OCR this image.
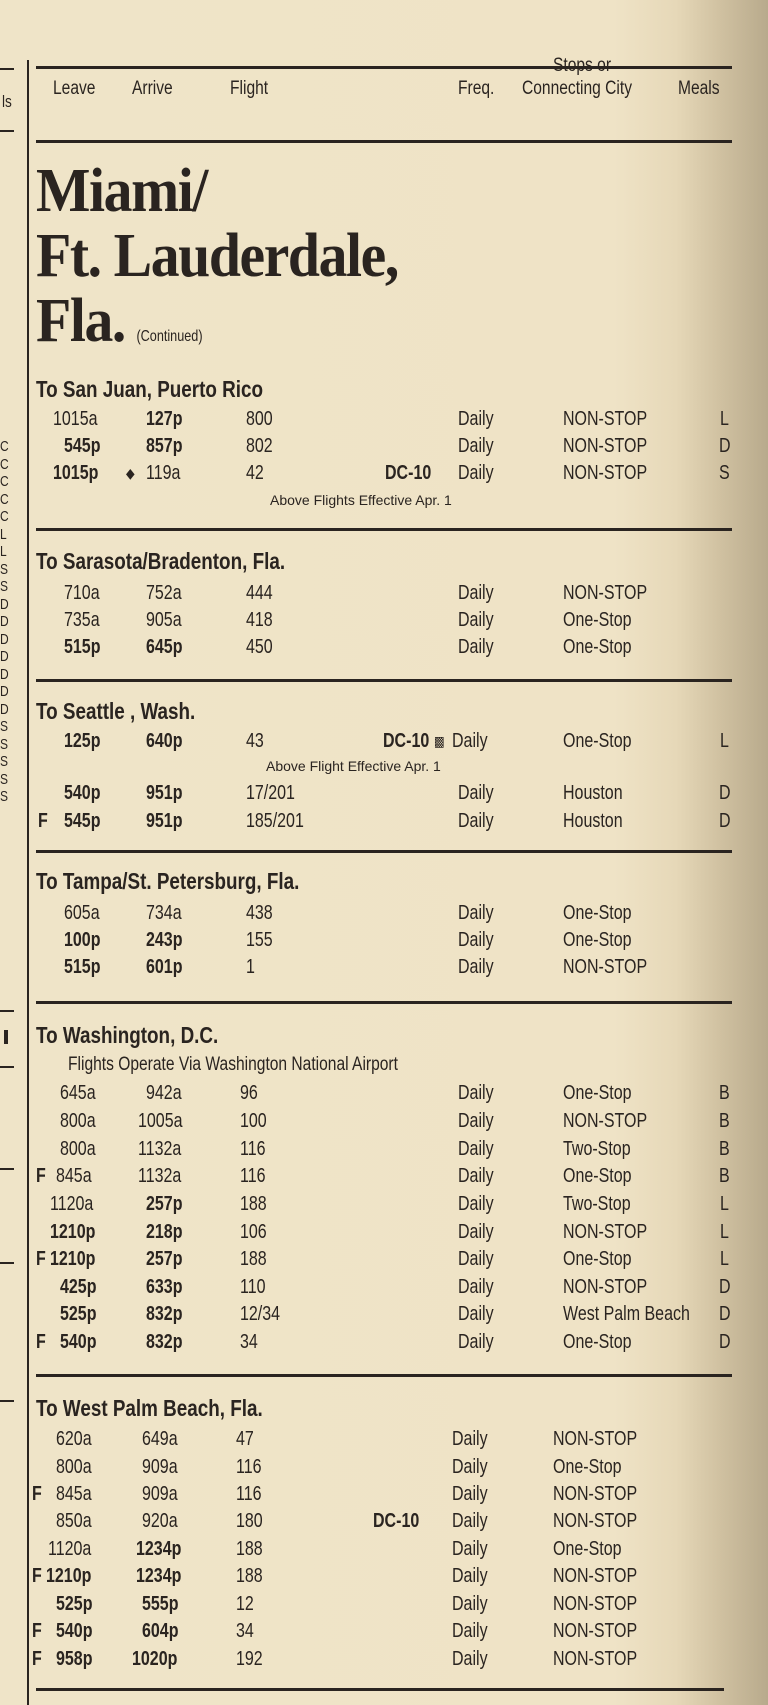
ls
C
C
C
C
C
L
L
S
S
D
D
D
D
D
D
D
S
S
S
S
S
Leave Arrive	Flight	Freq.
Stops or
Connecting City Meals
Miami/
Ft. Lauderdale,
Fla. (Continued)
To San Juan, Puerto Rico
1015a 127p	800	Daily	NON-STOP	L
545p 857p	802	Daily	NON-STOP	D
1015p ◆ 119a	42	DC-10 Daily	NON-STOP	S
Above Flights Effective Apr. 1
To Sarasota/Bradenton, Fla.
710a 752a	444	Daily	NON-STOP
735a 905a	418	Daily	One-Stop
515p 645p	450	Daily	One-Stop
To Seattle , Wash.
125p 640p	43	DC-10 ▩ Daily	One-Stop	L
Above Flight Effective Apr. 1
540p 951p	17/201	Daily	Houston	D
F 545p 951p	185/201	Daily	Houston	D
To Tampa/St. Petersburg, Fla.
605a 734a	438	Daily	One-Stop
100p 243p	155	Daily	One-Stop
515p 601p	1	Daily	NON-STOP
To Washington, D.C.
Flights Operate Via Washington National Airport
645a	942a	96	Daily	One-Stop	B
800a 1005a	100	Daily	NON-STOP	B
800a 1132a	116	Daily	Two-Stop	B
F 845a 1132a	116	Daily	One-Stop	B
1120a	257p	188	Daily	Two-Stop	L
1210p	218p	106	Daily	NON-STOP	L
F 1210p	257p	188	Daily	One-Stop	L
425p 633p	110	Daily	NON-STOP	D
525p 832p	12/34	Daily	West Palm Beach D
F 540p 832p	34	Daily	One-Stop	D
To West Palm Beach, Fla.
620a	649a	47	Daily	NON-STOP
800a	909a	116	Daily	One-Stop
F 845a	909a	116	Daily	NON-STOP
850a	920a	180	DC-10 Daily	NON-STOP
1120a 1234p	188	Daily	One-Stop
F 1210p 1234p	188	Daily	NON-STOP
525p 555p	12	Daily	NON-STOP
F 540p 604p	34	Daily	NON-STOP
F 958p 1020p	192	Daily	NON-STOP
